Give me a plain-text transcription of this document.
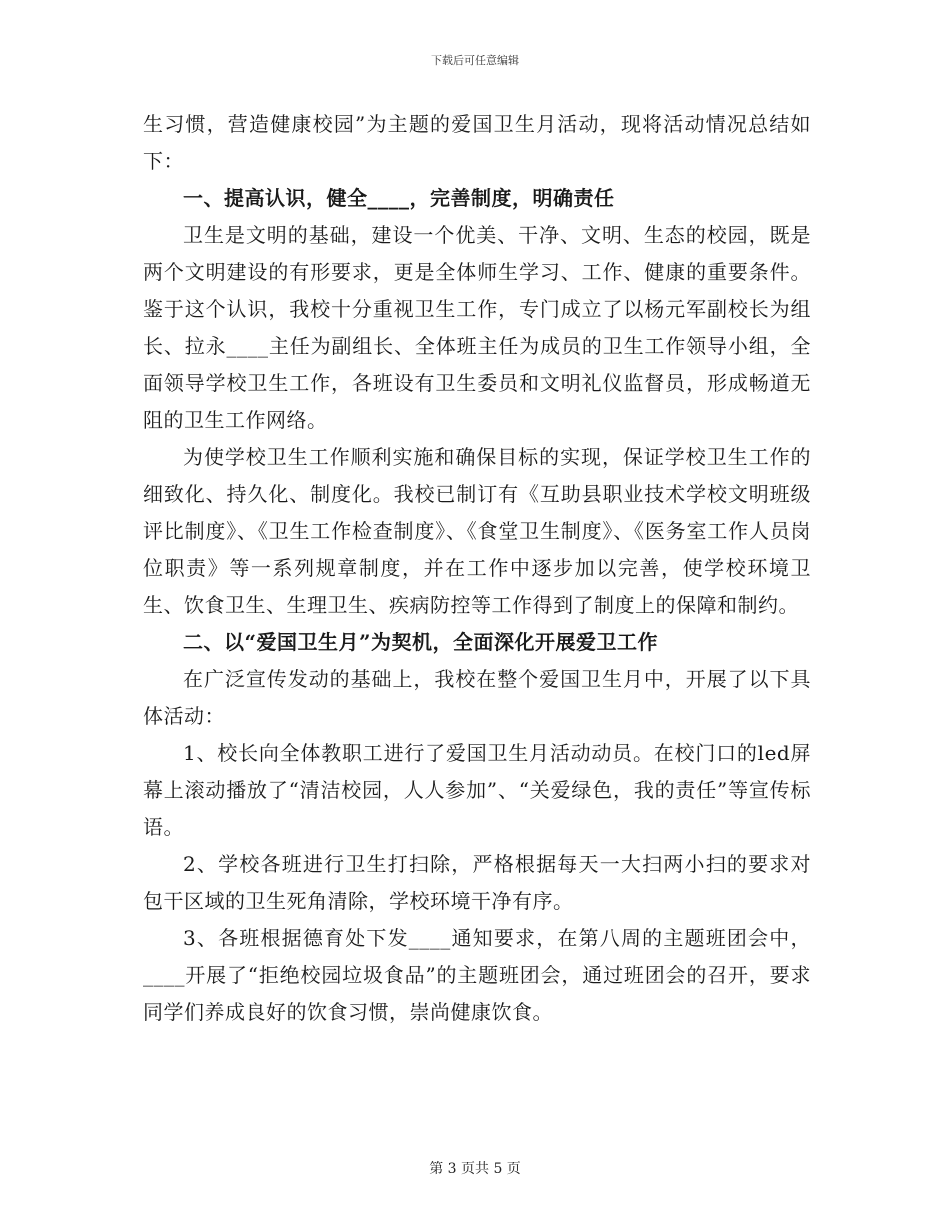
下载后可任意编辑

生习惯，营造健康校园”为主题的爱国卫生月活动，现将活动情况总结如下：

一、提高认识，健全____，完善制度，明确责任

卫生是文明的基础，建设一个优美、干净、文明、生态的校园，既是两个文明建设的有形要求，更是全体师生学习、工作、健康的重要条件。鉴于这个认识，我校十分重视卫生工作，专门成立了以杨元军副校长为组长、拉永____主任为副组长、全体班主任为成员的卫生工作领导小组，全面领导学校卫生工作，各班设有卫生委员和文明礼仪监督员，形成畅道无阻的卫生工作网络。

为使学校卫生工作顺利实施和确保目标的实现，保证学校卫生工作的细致化、持久化、制度化。我校已制订有《互助县职业技术学校文明班级评比制度》、《卫生工作检查制度》、《食堂卫生制度》、《医务室工作人员岗位职责》等一系列规章制度，并在工作中逐步加以完善，使学校环境卫生、饮食卫生、生理卫生、疾病防控等工作得到了制度上的保障和制约。

二、以“爱国卫生月”为契机，全面深化开展爱卫工作

在广泛宣传发动的基础上，我校在整个爱国卫生月中，开展了以下具体活动：

1、校长向全体教职工进行了爱国卫生月活动动员。在校门口的led屏幕上滚动播放了“清洁校园，人人参加”、“关爱绿色，我的责任”等宣传标语。

2、学校各班进行卫生打扫除，严格根据每天一大扫两小扫的要求对包干区域的卫生死角清除，学校环境干净有序。

3、各班根据德育处下发____通知要求，在第八周的主题班团会中，____开展了“拒绝校园垃圾食品”的主题班团会，通过班团会的召开，要求同学们养成良好的饮食习惯，崇尚健康饮食。

第 3 页共 5 页
